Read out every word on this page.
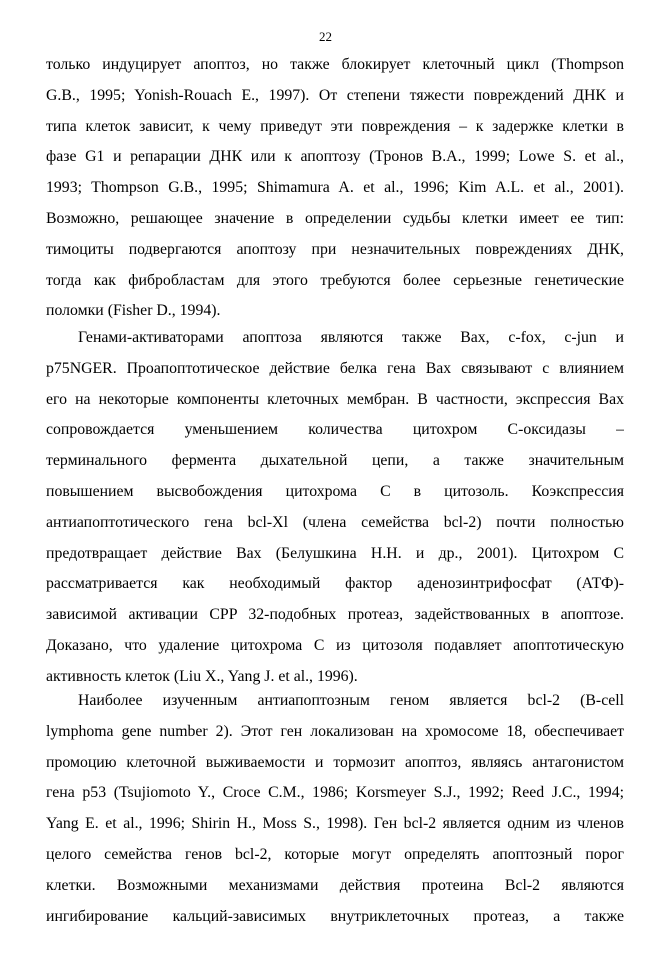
22
только индуцирует апоптоз, но также блокирует клеточный цикл (Thompson
G.B., 1995; Yonish-Rouach E., 1997). От степени тяжести повреждений ДНК и
типа клеток зависит, к чему приведут эти повреждения – к задержке клетки в
фазе G1 и репарации ДНК или к апоптозу (Тронов В.А., 1999; Lowe S. et al.,
1993; Thompson G.B., 1995; Shimamura A. et al., 1996; Kim A.L. et al., 2001).
Возможно, решающее значение в определении судьбы клетки имеет ее тип:
тимоциты подвергаются апоптозу при незначительных повреждениях ДНК,
тогда как фибробластам для этого требуются более серьезные генетические
поломки (Fisher D., 1994).
Генами-активаторами апоптоза являются также Bax, c-fox, c-jun и
p75NGER. Проапоптотическое действие белка гена Bax связывают с влиянием
его на некоторые компоненты клеточных мембран. В частности, экспрессия Bax
сопровождается уменьшением количества цитохром С-оксидазы –
терминального фермента дыхательной цепи, а также значительным
повышением высвобождения цитохрома С в цитозоль. Коэкспрессия
антиапоптотического гена bcl-Xl (члена семейства bcl-2) почти полностью
предотвращает действие Bax (Белушкина Н.Н. и др., 2001). Цитохром С
рассматривается как необходимый фактор аденозинтрифосфат (АТФ)-
зависимой активации CPP 32-подобных протеаз, задействованных в апоптозе.
Доказано, что удаление цитохрома С из цитозоля подавляет апоптотическую
активность клеток (Liu X., Yang J. et al., 1996).
Наиболее изученным антиапоптозным геном является bcl-2 (B-cell
lymphoma gene number 2). Этот ген локализован на хромосоме 18, обеспечивает
промоцию клеточной выживаемости и тормозит апоптоз, являясь антагонистом
гена p53 (Tsujiomoto Y., Croce C.M., 1986; Korsmeyer S.J., 1992; Reed J.C., 1994;
Yang E. et al., 1996; Shirin H., Moss S., 1998). Ген bcl-2 является одним из членов
целого семейства генов bcl-2, которые могут определять апоптозный порог
клетки. Возможными механизмами действия протеина Bcl-2 являются
ингибирование кальций-зависимых внутриклеточных протеаз, а также
